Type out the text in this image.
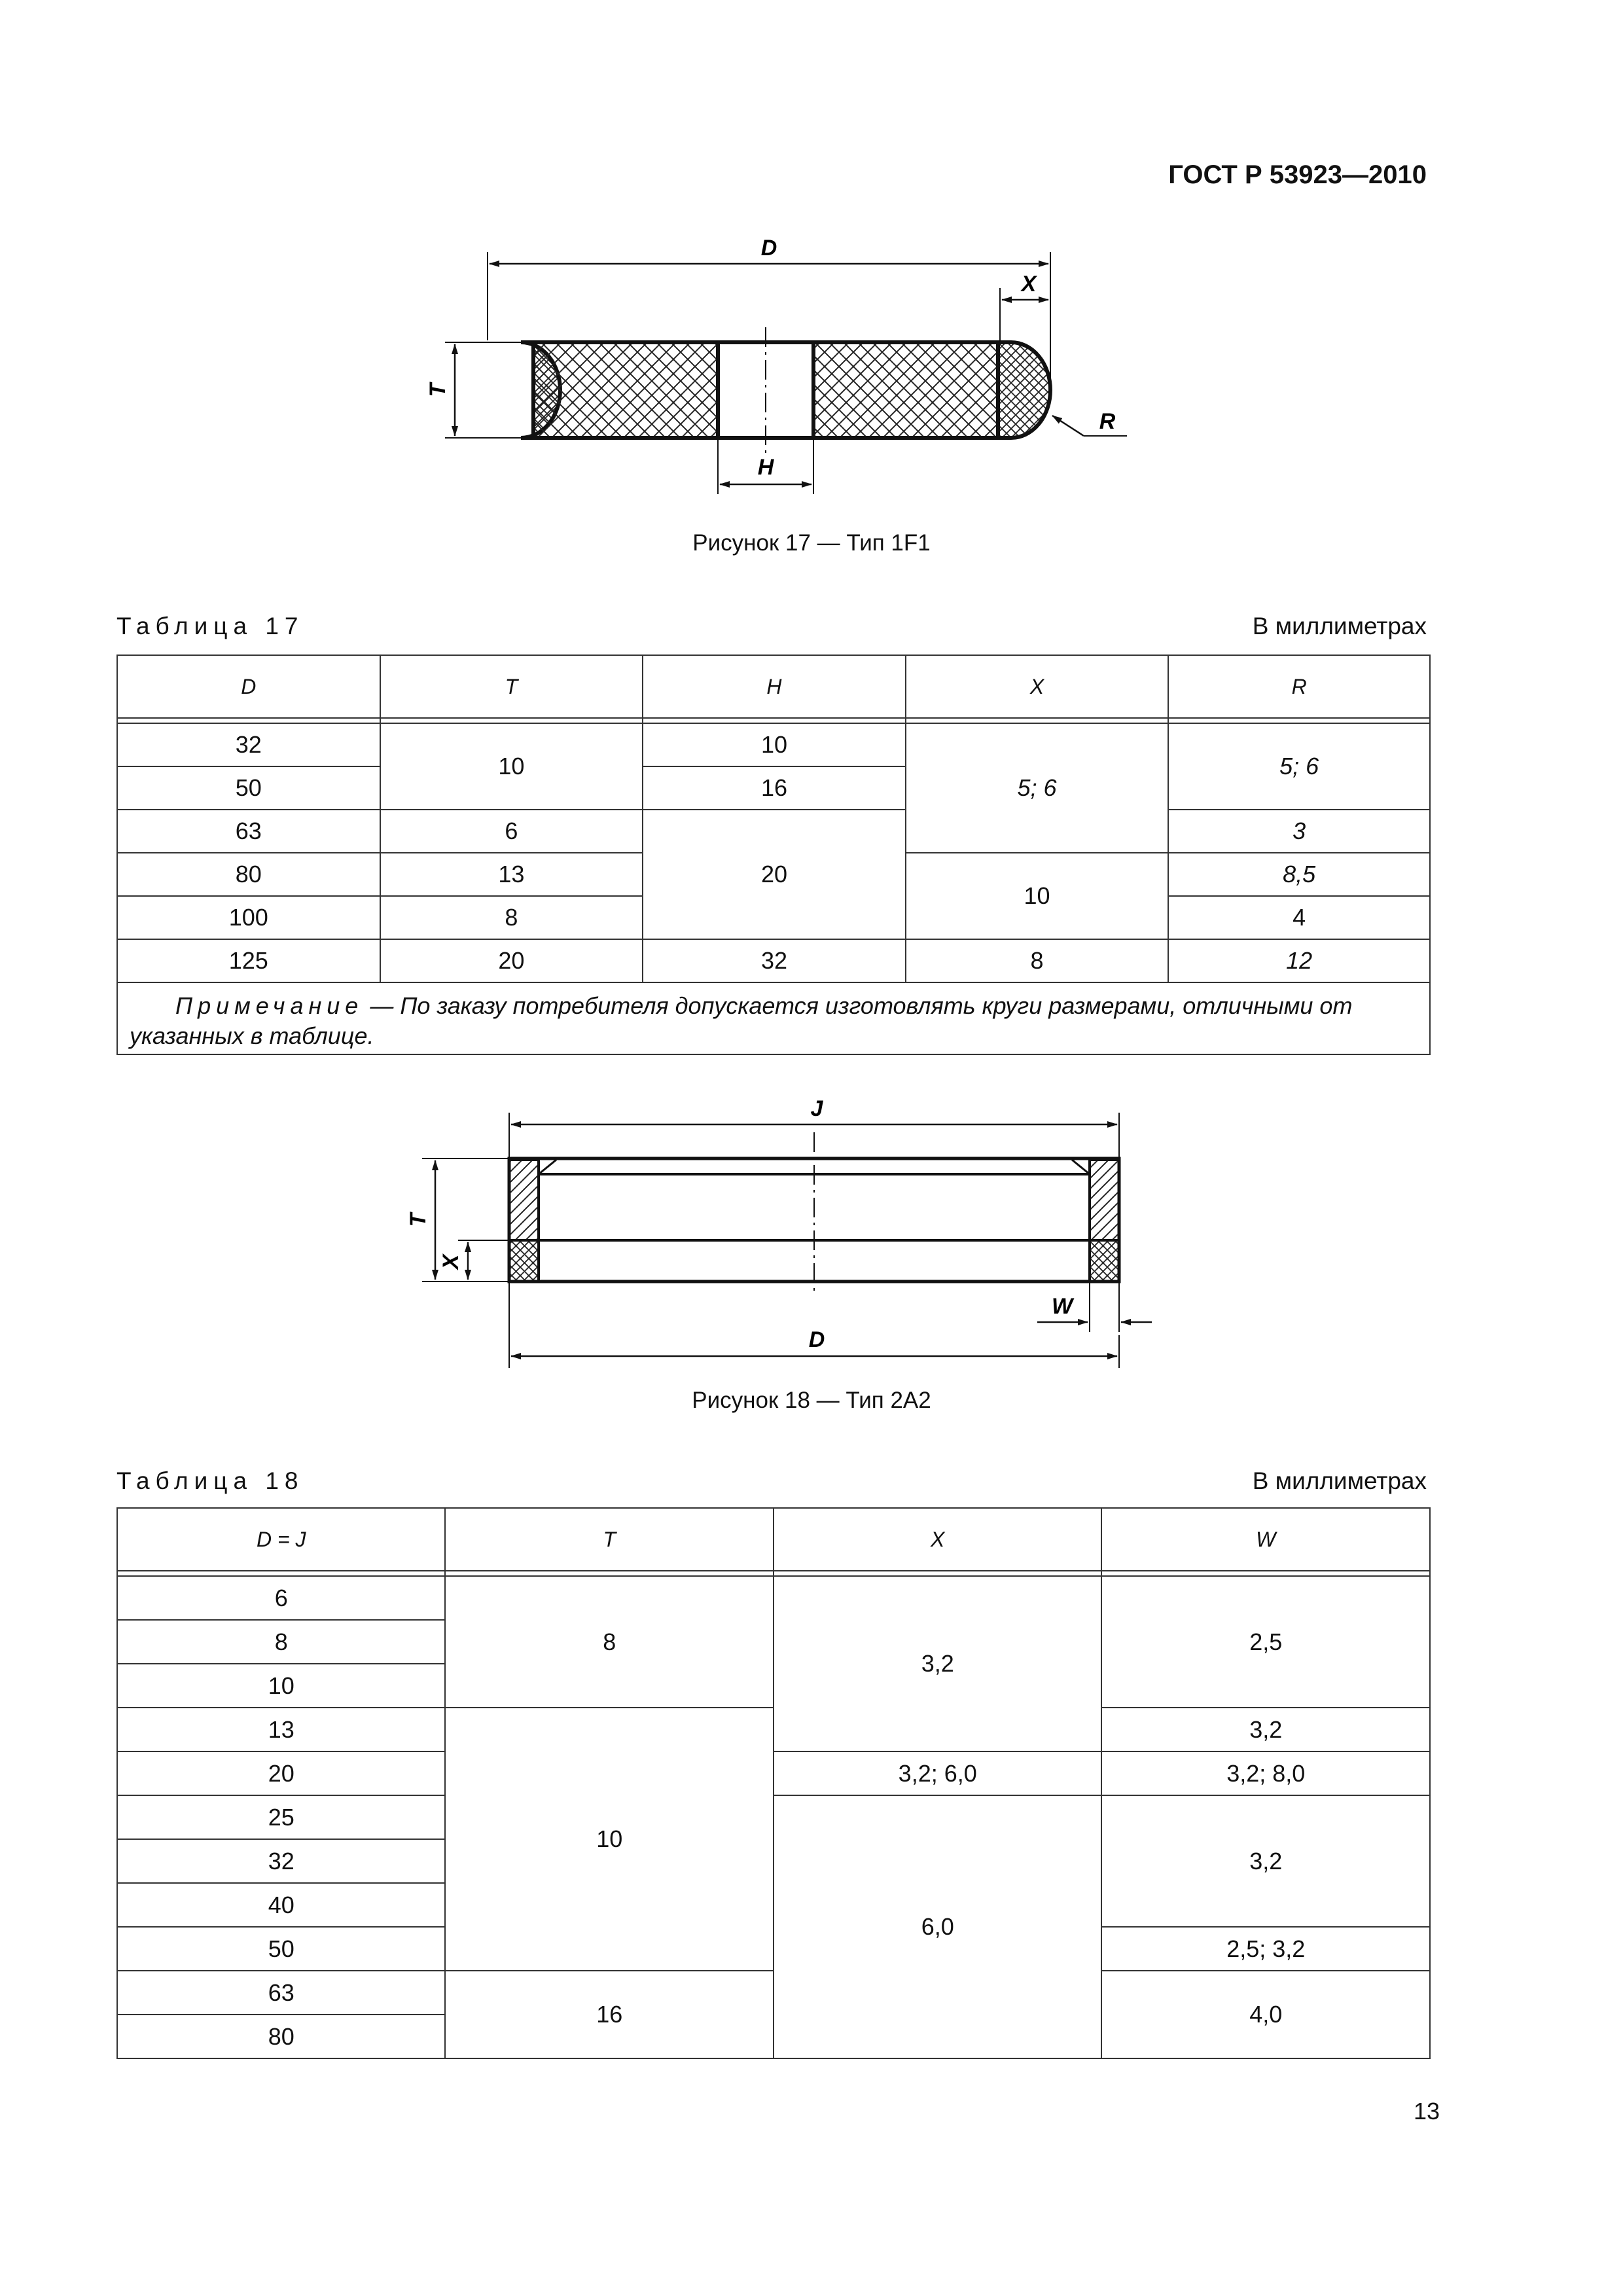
ГОСТ Р 53923—2010
D
X
T
H
R
Рисунок 17 — Тип 1F1
Таблица 17	В миллиметрах
D	T	H	X	R

32	10	10	5; 6	5; 6
50		16		
63	6	20		3
80	13		10	8,5
100	8			4
125	20	32	8	12
Примечание — По заказу потребителя допускается изготовлять круги размерами, отличными от указанных в таблице.				
J
T
X
W
D
Рисунок 18 — Тип 2А2
Таблица 18	В миллиметрах
D = J	T	X	W

6	8	3,2	2,5
8			
10			
13	10		3,2
20		3,2; 6,0	3,2; 8,0
25		6,0	3,2
32			
40			
50			2,5; 3,2
63	16		4,0
80			
13
